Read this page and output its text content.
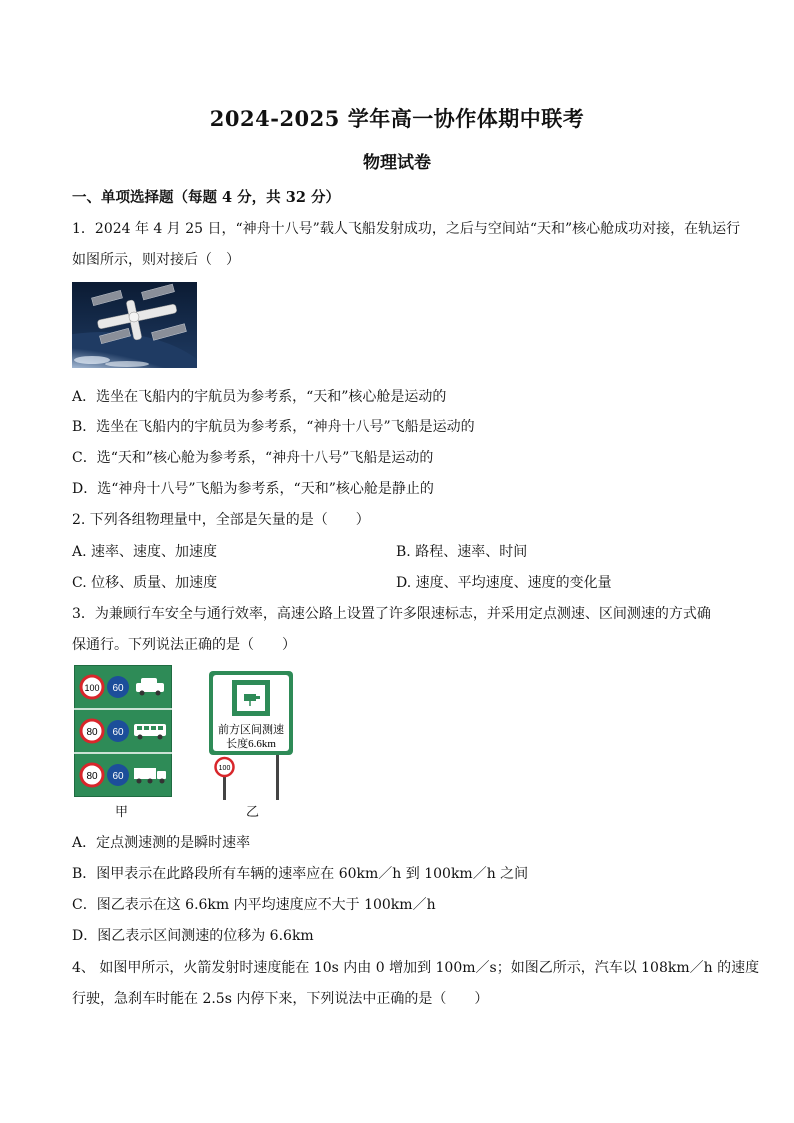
2024-2025 学年高一协作体期中联考
物理试卷
一、单项选择题（每题 4 分，共 32 分）
1．2024 年 4 月 25 日，“神舟十八号”载人飞船发射成功，之后与空间站“天和”核心舱成功对接，在轨运行
如图所示，则对接后（　）
A．选坐在飞船内的宇航员为参考系，“天和”核心舱是运动的
B．选坐在飞船内的宇航员为参考系，“神舟十八号”飞船是运动的
C．选“天和”核心舱为参考系，“神舟十八号”飞船是运动的
D．选“神舟十八号”飞船为参考系，“天和”核心舱是静止的
2. 下列各组物理量中，全部是矢量的是（　　）
A. 速率、速度、加速度	B. 路程、速率、时间
C. 位移、质量、加速度	D. 速度、平均速度、速度的变化量
3．为兼顾行车安全与通行效率，高速公路上设置了许多限速标志，并采用定点测速、区间测速的方式确
保通行。下列说法正确的是（　　）
100 60
80 60
80 60
甲
前方区间测速
长度6.6km
100
乙
A．定点测速测的是瞬时速率
B．图甲表示在此路段所有车辆的速率应在 60km／h 到 100km／h 之间
C．图乙表示在这 6.6km 内平均速度应不大于 100km／h
D．图乙表示区间测速的位移为 6.6km
4、 如图甲所示，火箭发射时速度能在 10s 内由 0 增加到 100m／s；如图乙所示，汽车以 108km／h 的速度
行驶，急刹车时能在 2.5s 内停下来，下列说法中正确的是（　　）
